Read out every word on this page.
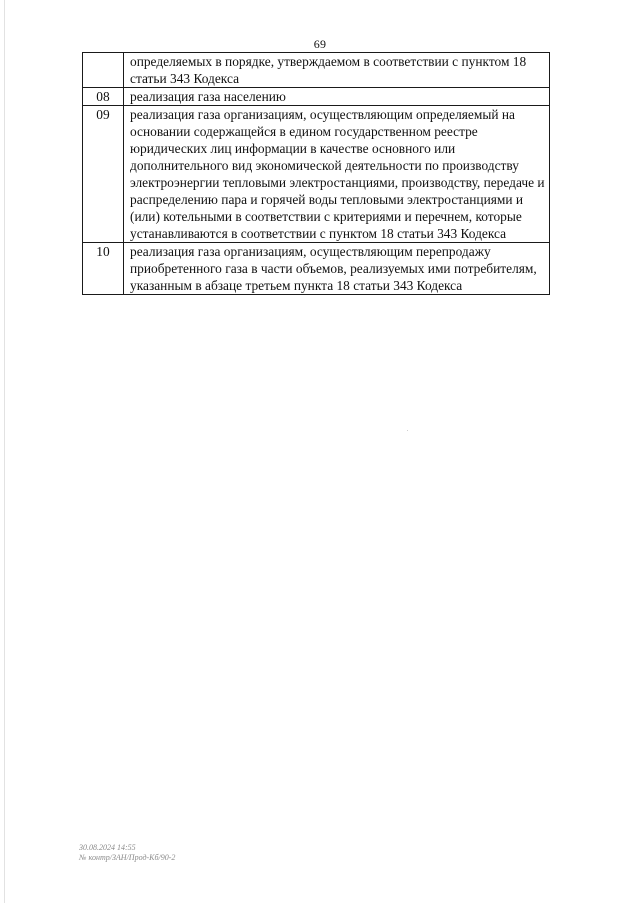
69
	определяемых в порядке, утверждаемом в соответствии с пунктом 18 статьи 343 Кодекса
08	реализация газа населению
09	реализация газа организациям, осуществляющим определяемый на основании содержащейся в едином государственном реестре юридических лиц информации в качестве основного или дополнительного вид экономической деятельности по производству электроэнергии тепловыми электростанциями, производству, передаче и распределению пара и горячей воды тепловыми электростанциями и (или) котельными в соответствии с критериями и перечнем, которые устанавливаются в соответствии с пунктом 18 статьи 343 Кодекса
10	реализация газа организациям, осуществляющим перепродажу приобретенного газа в части объемов, реализуемых ими потребителям, указанным в абзаце третьем пункта 18 статьи 343 Кодекса
30.08.2024 14:55
№ контр/ЗАН/Прод-Кб/90-2
